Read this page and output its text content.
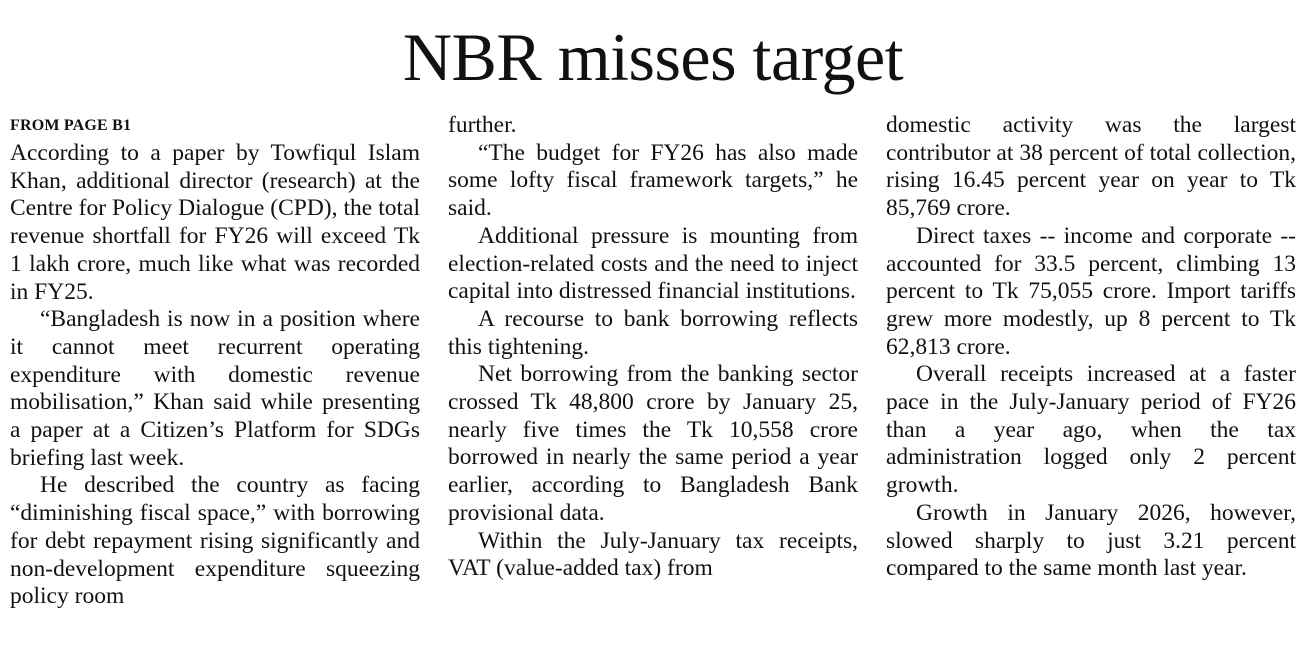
NBR misses target
FROM PAGE B1

According to a paper by Towfiqul Islam Khan, additional director (research) at the Centre for Policy Dialogue (CPD), the total revenue shortfall for FY26 will exceed Tk 1 lakh crore, much like what was recorded in FY25.

“Bangladesh is now in a position where it cannot meet recurrent operating expenditure with domestic revenue mobilisation,” Khan said while presenting a paper at a Citizen’s Platform for SDGs briefing last week.

He described the country as facing “diminishing fiscal space,” with borrowing for debt repayment rising significantly and non-development expenditure squeezing policy room

further.

“The budget for FY26 has also made some lofty fiscal framework targets,” he said.

Additional pressure is mounting from election-related costs and the need to inject capital into distressed financial institutions.

A recourse to bank borrowing reflects this tightening.

Net borrowing from the banking sector crossed Tk 48,800 crore by January 25, nearly five times the Tk 10,558 crore borrowed in nearly the same period a year earlier, according to Bangladesh Bank provisional data.

Within the July-January tax receipts, VAT (value-added tax) from

domestic activity was the largest contributor at 38 percent of total collection, rising 16.45 percent year on year to Tk 85,769 crore.

Direct taxes -- income and corporate -- accounted for 33.5 percent, climbing 13 percent to Tk 75,055 crore. Import tariffs grew more modestly, up 8 percent to Tk 62,813 crore.

Overall receipts increased at a faster pace in the July-January period of FY26 than a year ago, when the tax administration logged only 2 percent growth.

Growth in January 2026, however, slowed sharply to just 3.21 percent compared to the same month last year.
